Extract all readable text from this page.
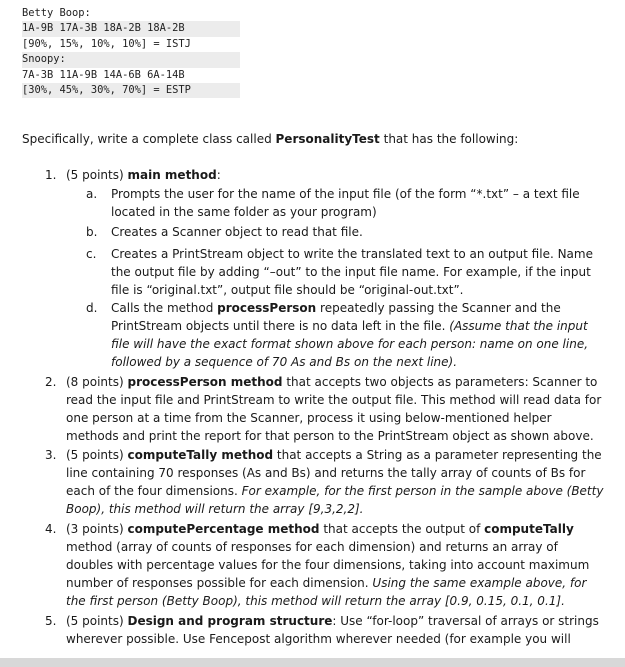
Betty Boop:
1A-9B 17A-3B 18A-2B 18A-2B
[90%, 15%, 10%, 10%] = ISTJ
Snoopy:
7A-3B 11A-9B 14A-6B 6A-14B
[30%, 45%, 30%, 70%] = ESTP
Specifically, write a complete class called PersonalityTest that has the following:
1. (5 points) main method:
a.	Prompts the user for the name of the input file (of the form “*.txt” – a text file located in the same folder as your program)
b.	Creates a Scanner object to read that file.
c.	Creates a PrintStream object to write the translated text to an output file. Name the output file by adding “–out” to the input file name. For example, if the input file is “original.txt”, output file should be “original-out.txt”.
d.	Calls the method processPerson repeatedly passing the Scanner and the PrintStream objects until there is no data left in the file. (Assume that the input file will have the exact format shown above for each person: name on one line, followed by a sequence of 70 As and Bs on the next line).
2. (8 points) processPerson method that accepts two objects as parameters: Scanner to read the input file and PrintStream to write the output file. This method will read data for one person at a time from the Scanner, process it using below-mentioned helper methods and print the report for that person to the PrintStream object as shown above.
3. (5 points) computeTally method that accepts a String as a parameter representing the line containing 70 responses (As and Bs) and returns the tally array of counts of Bs for each of the four dimensions. For example, for the first person in the sample above (Betty Boop), this method will return the array [9,3,2,2].
4. (3 points) computePercentage method that accepts the output of computeTally method (array of counts of responses for each dimension) and returns an array of doubles with percentage values for the four dimensions, taking into account maximum number of responses possible for each dimension. Using the same example above, for the first person (Betty Boop), this method will return the array [0.9, 0.15, 0.1, 0.1].
5. (5 points) Design and program structure: Use “for-loop” traversal of arrays or strings wherever possible. Use Fencepost algorithm wherever needed (for example you will
